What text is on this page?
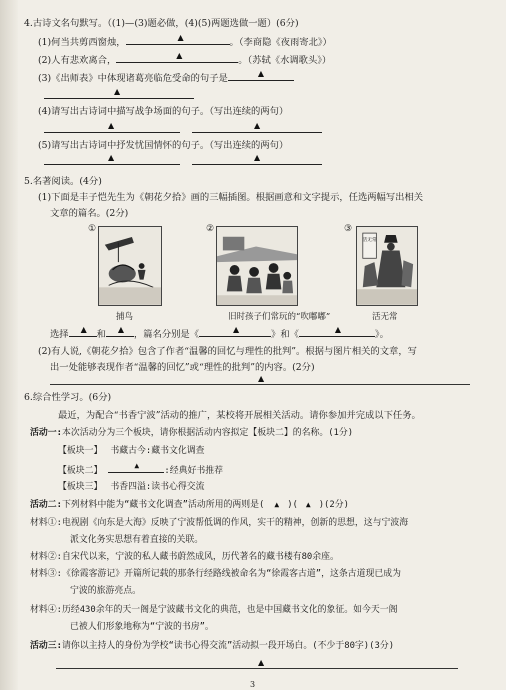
4.古诗文名句默写。（(1)—(3)题必做，(4)(5)两题选做一题）(6分)
(1)何当共剪西窗烛，	▲	。（李商隐《夜雨寄北》）
(2)人有悲欢离合，	▲	。（苏轼《水调歌头》）
(3)《出师表》中体现诸葛亮临危受命的句子是	▲
▲
(4)请写出古诗词中描写战争场面的句子。（写出连续的两句）
▲
	▲
(5)请写出古诗词中抒发忧国情怀的句子。（写出连续的两句）
▲
	▲
5.名著阅读。(4分)
(1)下面是丰子恺先生为《朝花夕拾》画的三幅插图。根据画意和文字提示，任选两幅写出相关
文章的篇名。(2分)
①
捕鸟
②
旧时孩子们常玩的“吹嘟嘟”
③
活无常
活无常
选择 ▲ 和 ▲ ，篇名分别是《	▲	》和《	▲	》。
(2)有人说,《朝花夕拾》包含了作者“温馨的回忆与理性的批判”。根据与图片相关的文章，写
出一处能够表现作者“温馨的回忆”或“理性的批判”的内容。(2分)
▲
6.综合性学习。(6分)
最近，为配合“书香宁波”活动的推广，某校将开展相关活动。请你参加并完成以下任务。
活动一:本次活动分为三个板块，请你根据活动内容拟定【板块二】的名称。(1分)
【板块一】 书藏古今:藏书文化调查
【板块二】
▲
:经典好书推荐
【板块三】 书香四溢:读书心得交流
活动二:下列材料中能为“藏书文化调查”活动所用的两则是( ▲ )( ▲ )(2分)
材料①:电视剧《向东是大海》反映了宁波帮低调的作风，实干的精神，创新的思想，这与宁波海
派文化务实思想有着直接的关联。
材料②:自宋代以来，宁波的私人藏书蔚然成风，历代著名的藏书楼有80余座。
材料③:《徐霞客游记》开篇所记载的那条行经路线被命名为“徐霞客古道”，这条古道现已成为
宁波的旅游亮点。
材料④:历经430余年的天一阁是宁波藏书文化的典范，也是中国藏书文化的象征。如今天一阁
已被人们形象地称为“宁波的书房”。
活动三:请你以主持人的身份为学校“读书心得交流”活动拟一段开场白。(不少于80字)(3分)
▲
3
